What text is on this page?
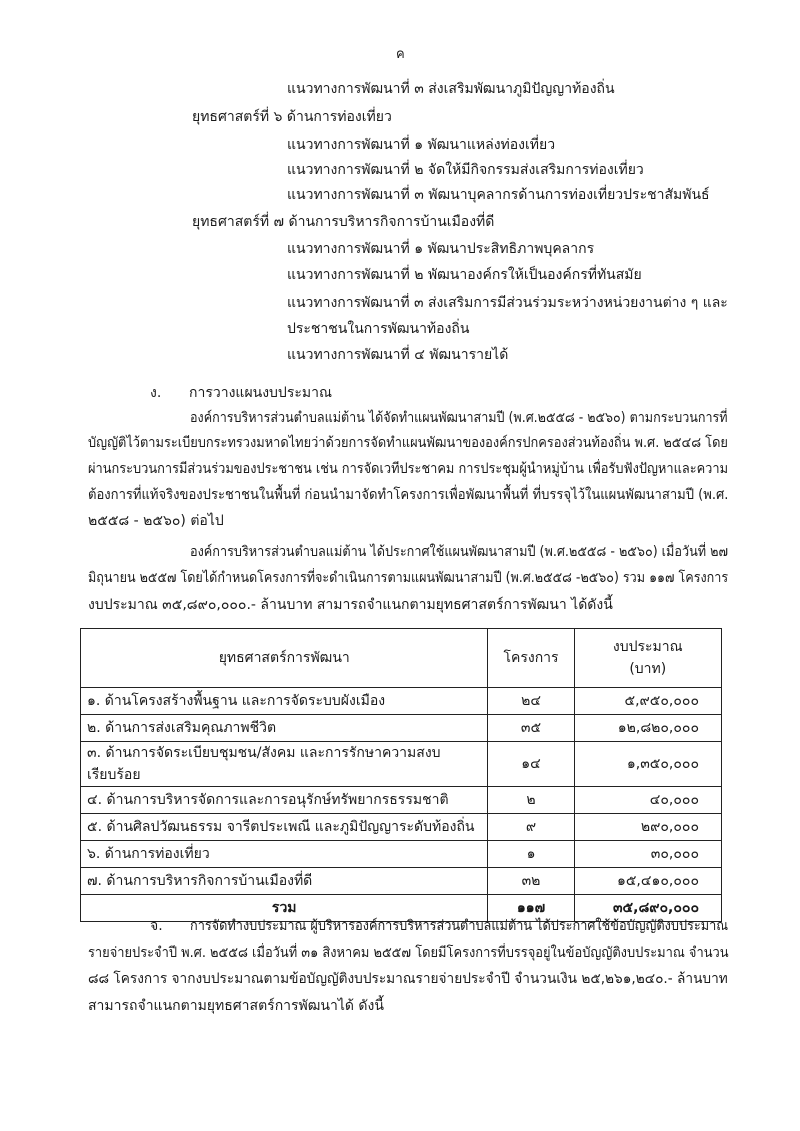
ค
แนวทางการพัฒนาที่ ๓ ส่งเสริมพัฒนาภูมิปัญญาท้องถิ่น
ยุทธศาสตร์ที่ ๖ ด้านการท่องเที่ยว
แนวทางการพัฒนาที่ ๑ พัฒนาแหล่งท่องเที่ยว
แนวทางการพัฒนาที่ ๒ จัดให้มีกิจกรรมส่งเสริมการท่องเที่ยว
แนวทางการพัฒนาที่ ๓ พัฒนาบุคลากรด้านการท่องเที่ยวประชาสัมพันธ์
ยุทธศาสตร์ที่ ๗ ด้านการบริหารกิจการบ้านเมืองที่ดี
แนวทางการพัฒนาที่ ๑ พัฒนาประสิทธิภาพบุคลากร
แนวทางการพัฒนาที่ ๒ พัฒนาองค์กรให้เป็นองค์กรที่ทันสมัย
แนวทางการพัฒนาที่ ๓ ส่งเสริมการมีส่วนร่วมระหว่างหน่วยงานต่าง ๆ และ
ประชาชนในการพัฒนาท้องถิ่น
แนวทางการพัฒนาที่ ๔ พัฒนารายได้
ง. การวางแผนงบประมาณ
องค์การบริหารส่วนตำบลแม่ต้าน ได้จัดทำแผนพัฒนาสามปี (พ.ศ.๒๕๕๘ - ๒๕๖๐) ตามกระบวนการที่
บัญญัติไว้ตามระเบียบกระทรวงมหาดไทยว่าด้วยการจัดทำแผนพัฒนาขององค์กรปกครองส่วนท้องถิ่น พ.ศ. ๒๕๔๘ โดย
ผ่านกระบวนการมีส่วนร่วมของประชาชน เช่น การจัดเวทีประชาคม การประชุมผู้นำหมู่บ้าน เพื่อรับฟังปัญหาและความ
ต้องการที่แท้จริงของประชาชนในพื้นที่ ก่อนนำมาจัดทำโครงการเพื่อพัฒนาพื้นที่ ที่บรรจุไว้ในแผนพัฒนาสามปี (พ.ศ.
๒๕๕๘ - ๒๕๖๐) ต่อไป
องค์การบริหารส่วนตำบลแม่ต้าน ได้ประกาศใช้แผนพัฒนาสามปี (พ.ศ.๒๕๕๘ - ๒๕๖๐) เมื่อวันที่ ๒๗
มิถุนายน ๒๕๕๗ โดยได้กำหนดโครงการที่จะดำเนินการตามแผนพัฒนาสามปี (พ.ศ.๒๕๕๘ -๒๕๖๐) รวม ๑๑๗ โครงการ
งบประมาณ ๓๕,๘๙๐,๐๐๐.- ล้านบาท สามารถจำแนกตามยุทธศาสตร์การพัฒนา ได้ดังนี้
ยุทธศาสตร์การพัฒนา	โครงการ	งบประมาณ
(บาท)

๑. ด้านโครงสร้างพื้นฐาน และการจัดระบบผังเมือง	๒๔	๕,๙๕๐,๐๐๐
๒. ด้านการส่งเสริมคุณภาพชีวิต	๓๕	๑๒,๘๒๐,๐๐๐
๓. ด้านการจัดระเบียบชุมชน/สังคม และการรักษาความสงบเรียบร้อย	๑๔	๑,๓๕๐,๐๐๐
๔. ด้านการบริหารจัดการและการอนุรักษ์ทรัพยากรธรรมชาติ	๒	๔๐,๐๐๐
๕. ด้านศิลปวัฒนธรรม จารีตประเพณี และภูมิปัญญาระดับท้องถิ่น	๙	๒๙๐,๐๐๐
๖. ด้านการท่องเที่ยว	๑	๓๐,๐๐๐
๗. ด้านการบริหารกิจการบ้านเมืองที่ดี	๓๒	๑๕,๔๑๐,๐๐๐
รวม	๑๑๗	๓๕,๘๙๐,๐๐๐
จ. การจัดทำงบประมาณ ผู้บริหารองค์การบริหารส่วนตำบลแม่ต้าน ได้ประกาศใช้ข้อบัญญัติงบประมาณ
รายจ่ายประจำปี พ.ศ. ๒๕๕๘ เมื่อวันที่ ๓๑ สิงหาคม ๒๕๕๗ โดยมีโครงการที่บรรจุอยู่ในข้อบัญญัติงบประมาณ จำนวน
๘๘ โครงการ จากงบประมาณตามข้อบัญญัติงบประมาณรายจ่ายประจำปี จำนวนเงิน ๒๕,๒๖๑,๒๔๐.- ล้านบาท
สามารถจำแนกตามยุทธศาสตร์การพัฒนาได้ ดังนี้
